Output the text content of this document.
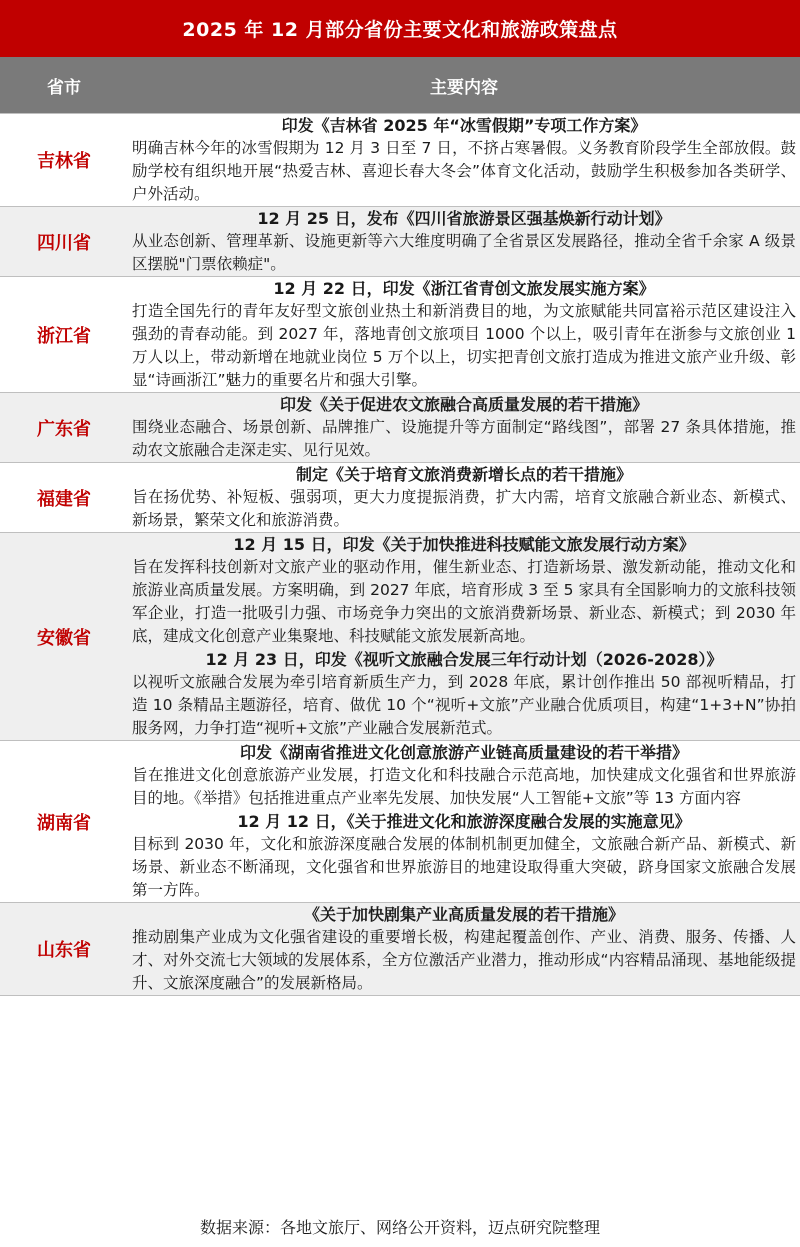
2025 年 12 月部分省份主要文化和旅游政策盘点
省市	主要内容
吉林省
印发《吉林省 2025 年“冰雪假期”专项工作方案》
明确吉林今年的冰雪假期为 12 月 3 日至 7 日，不挤占寒暑假。义务教育阶段学生全部放假。鼓励学校有组织地开展“热爱吉林、喜迎长春大冬会”体育文化活动，鼓励学生积极参加各类研学、户外活动。
四川省
12 月 25 日，发布《四川省旅游景区强基焕新行动计划》
从业态创新、管理革新、设施更新等六大维度明确了全省景区发展路径，推动全省千余家 A 级景区摆脱"门票依赖症"。
浙江省
12 月 22 日，印发《浙江省青创文旅发展实施方案》
打造全国先行的青年友好型文旅创业热土和新消费目的地，为文旅赋能共同富裕示范区建设注入强劲的青春动能。到 2027 年，落地青创文旅项目 1000 个以上，吸引青年在浙参与文旅创业 1 万人以上，带动新增在地就业岗位 5 万个以上，切实把青创文旅打造成为推进文旅产业升级、彰显“诗画浙江”魅力的重要名片和强大引擎。
广东省
印发《关于促进农文旅融合高质量发展的若干措施》
围绕业态融合、场景创新、品牌推广、设施提升等方面制定“路线图”，部署 27 条具体措施，推动农文旅融合走深走实、见行见效。
福建省
制定《关于培育文旅消费新增长点的若干措施》
旨在扬优势、补短板、强弱项，更大力度提振消费，扩大内需，培育文旅融合新业态、新模式、新场景，繁荣文化和旅游消费。
安徽省
12 月 15 日，印发《关于加快推进科技赋能文旅发展行动方案》
旨在发挥科技创新对文旅产业的驱动作用，催生新业态、打造新场景、激发新动能，推动文化和旅游业高质量发展。方案明确，到 2027 年底，培育形成 3 至 5 家具有全国影响力的文旅科技领军企业，打造一批吸引力强、市场竞争力突出的文旅消费新场景、新业态、新模式；到 2030 年底，建成文化创意产业集聚地、科技赋能文旅发展新高地。
12 月 23 日，印发《视听文旅融合发展三年行动计划（2026-2028）》
以视听文旅融合发展为牵引培育新质生产力，到 2028 年底，累计创作推出 50 部视听精品，打造 10 条精品主题游径，培育、做优 10 个“视听+文旅”产业融合优质项目，构建“1+3+N”协拍服务网，力争打造“视听+文旅”产业融合发展新范式。
湖南省
印发《湖南省推进文化创意旅游产业链高质量建设的若干举措》
旨在推进文化创意旅游产业发展，打造文化和科技融合示范高地，加快建成文化强省和世界旅游目的地。《举措》包括推进重点产业率先发展、加快发展“人工智能+文旅”等 13 方面内容
12 月 12 日，《关于推进文化和旅游深度融合发展的实施意见》
目标到 2030 年，文化和旅游深度融合发展的体制机制更加健全，文旅融合新产品、新模式、新场景、新业态不断涌现，文化强省和世界旅游目的地建设取得重大突破，跻身国家文旅融合发展第一方阵。
山东省
《关于加快剧集产业高质量发展的若干措施》
推动剧集产业成为文化强省建设的重要增长极，构建起覆盖创作、产业、消费、服务、传播、人才、对外交流七大领域的发展体系，全方位激活产业潜力，推动形成“内容精品涌现、基地能级提升、文旅深度融合”的发展新格局。
数据来源：各地文旅厅、网络公开资料，迈点研究院整理
